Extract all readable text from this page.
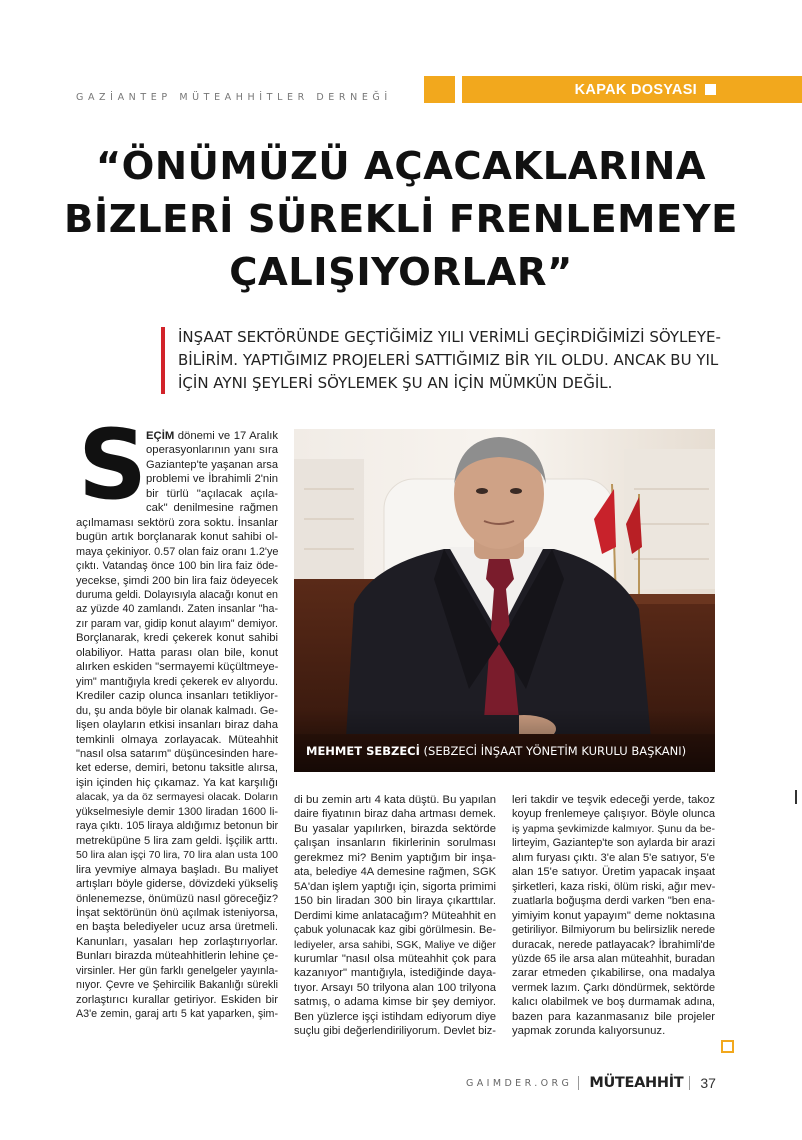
GAZİANTEP MÜTEAHHİTLER DERNEĞİ	KAPAK DOSYASI
“ÖNÜMÜZÜ AÇACAKLARINA
BİZLERİ SÜREKLİ FRENLEMEYE
ÇALIŞIYORLAR”
İNŞAAT SEKTÖRÜNDE GEÇTİĞİMİZ YILI VERİMLİ GEÇİRDİĞİMİZİ SÖYLEYE-
BİLİRİM. YAPTIĞIMIZ PROJELERİ SATTIĞIMIZ BİR YIL OLDU. ANCAK BU YIL
İÇİN AYNI ŞEYLERİ SÖYLEMEK ŞU AN İÇİN MÜMKÜN DEĞİL.
MEHMET SEBZECİ (SEBZECİ İNŞAAT YÖNETİM KURULU BAŞKANI)
S
EÇİM dönemi ve 17 Aralık
operasyonlarının yanı sıra
Gaziantep'te yaşanan arsa
problemi ve İbrahimli 2'nin
bir türlü "açılacak açıla-
cak" denilmesine rağmen
açılmaması sektörü zora soktu. İnsanlar
bugün artık borçlanarak konut sahibi ol-
maya çekiniyor. 0.57 olan faiz oranı 1.2'ye
çıktı. Vatandaş önce 100 bin lira faiz öde-
yecekse, şimdi 200 bin lira faiz ödeyecek
duruma geldi. Dolayısıyla alacağı konut en
az yüzde 40 zamlandı. Zaten insanlar "ha-
zır param var, gidip konut alayım" demiyor.
Borçlanarak, kredi çekerek konut sahibi
olabiliyor. Hatta parası olan bile, konut
alırken eskiden "sermayemi küçültmeye-
yim" mantığıyla kredi çekerek ev alıyordu.
Krediler cazip olunca insanları tetikliyor-
du, şu anda böyle bir olanak kalmadı. Ge-
lişen olayların etkisi insanları biraz daha
temkinli olmaya zorlayacak. Müteahhit
"nasıl olsa satarım" düşüncesinden hare-
ket ederse, demiri, betonu taksitle alırsa,
işin içinden hiç çıkamaz. Ya kat karşılığı
alacak, ya da öz sermayesi olacak. Doların
yükselmesiyle demir 1300 liradan 1600 li-
raya çıktı. 105 liraya aldığımız betonun bir
metreküpüne 5 lira zam geldi. İşçilik arttı.
50 lira alan işçi 70 lira, 70 lira alan usta 100
lira yevmiye almaya başladı. Bu maliyet
artışları böyle giderse, dövizdeki yükseliş
önlenemezse, önümüzü nasıl göreceğiz?
İnşat sektörünün önü açılmak isteniyorsa,
en başta belediyeler ucuz arsa üretmeli.
Kanunları, yasaları hep zorlaştırıyorlar.
Bunları birazda müteahhitlerin lehine çe-
virsinler. Her gün farklı genelgeler yayınla-
nıyor. Çevre ve Şehircilik Bakanlığı sürekli
zorlaştırıcı kurallar getiriyor. Eskiden bir
A3'e zemin, garaj artı 5 kat yaparken, şim-
di bu zemin artı 4 kata düştü. Bu yapılan
daire fiyatının biraz daha artması demek.
Bu yasalar yapılırken, birazda sektörde
çalışan insanların fikirlerinin sorulması
gerekmez mi? Benim yaptığım bir inşa-
ata, belediye 4A demesine rağmen, SGK
5A'dan işlem yaptığı için, sigorta primimi
150 bin liradan 300 bin liraya çıkarttılar.
Derdimi kime anlatacağım? Müteahhit en
çabuk yolunacak kaz gibi görülmesin. Be-
lediyeler, arsa sahibi, SGK, Maliye ve diğer
kurumlar "nasıl olsa müteahhit çok para
kazanıyor" mantığıyla, istediğinde daya-
tıyor. Arsayı 50 trilyona alan 100 trilyona
satmış, o adama kimse bir şey demiyor.
Ben yüzlerce işçi istihdam ediyorum diye
suçlu gibi değerlendiriliyorum. Devlet biz-
leri takdir ve teşvik edeceği yerde, takoz
koyup frenlemeye çalışıyor. Böyle olunca
iş yapma şevkimizde kalmıyor. Şunu da be-
lirteyim, Gaziantep'te son aylarda bir arazi
alım furyası çıktı. 3'e alan 5'e satıyor, 5'e
alan 15'e satıyor. Üretim yapacak inşaat
şirketleri, kaza riski, ölüm riski, ağır mev-
zuatlarla boğuşma derdi varken "ben ena-
yimiyim konut yapayım" deme noktasına
getiriliyor. Bilmiyorum bu belirsizlik nerede
duracak, nerede patlayacak? İbrahimli'de
yüzde 65 ile arsa alan müteahhit, buradan
zarar etmeden çıkabilirse, ona madalya
vermek lazım. Çarkı döndürmek, sektörde
kalıcı olabilmek ve boş durmamak adına,
bazen para kazanmasanız bile projeler
yapmak zorunda kalıyorsunuz.
GAIMDER.ORG MÜTEAHHİT 37
